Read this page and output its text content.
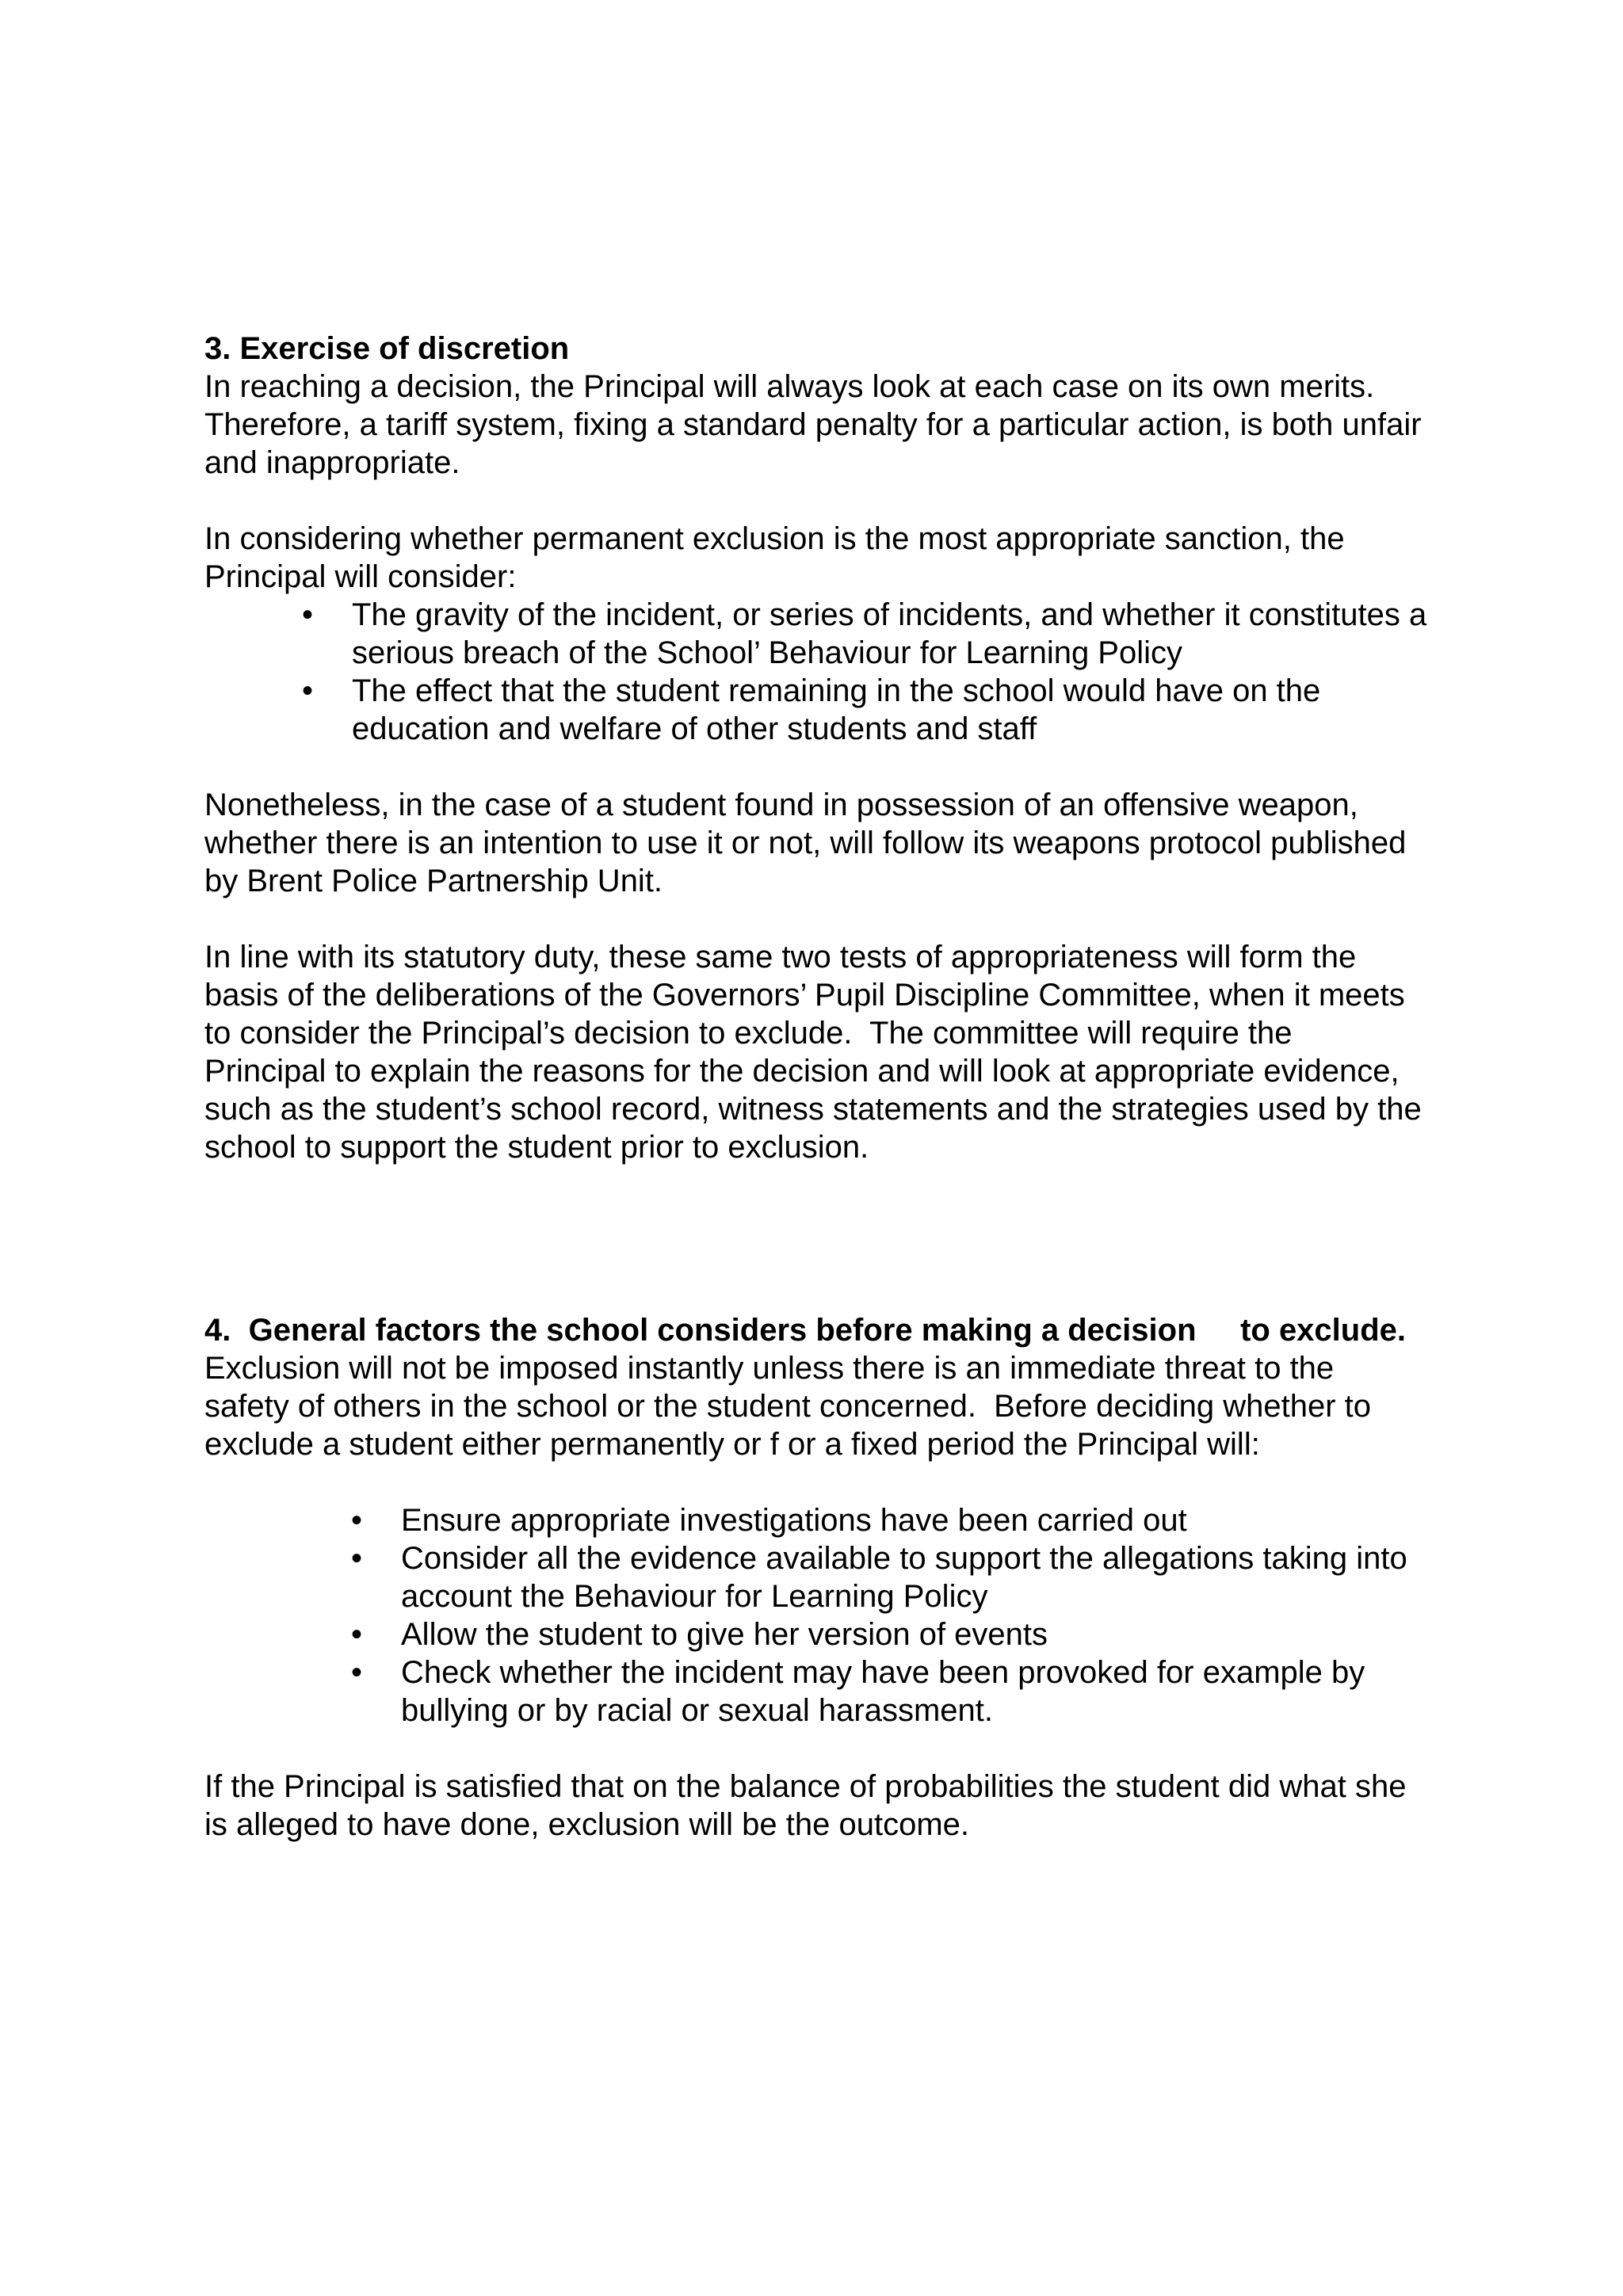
3. Exercise of discretion
In reaching a decision, the Principal will always look at each case on its own merits.
Therefore, a tariff system, fixing a standard penalty for a particular action, is both unfair
and inappropriate.
In considering whether permanent exclusion is the most appropriate sanction, the
Principal will consider:
• The gravity of the incident, or series of incidents, and whether it constitutes a
serious breach of the School’ Behaviour for Learning Policy
• The effect that the student remaining in the school would have on the
education and welfare of other students and staff
Nonetheless, in the case of a student found in possession of an offensive weapon,
whether there is an intention to use it or not, will follow its weapons protocol published
by Brent Police Partnership Unit.
In line with its statutory duty, these same two tests of appropriateness will form the
basis of the deliberations of the Governors’ Pupil Discipline Committee, when it meets
to consider the Principal’s decision to exclude.  The committee will require the
Principal to explain the reasons for the decision and will look at appropriate evidence,
such as the student’s school record, witness statements and the strategies used by the
school to support the student prior to exclusion.
4.  General factors the school considers before making a decision     to exclude.
Exclusion will not be imposed instantly unless there is an immediate threat to the
safety of others in the school or the student concerned.  Before deciding whether to
exclude a student either permanently or f or a fixed period the Principal will:
• Ensure appropriate investigations have been carried out
• Consider all the evidence available to support the allegations taking into
account the Behaviour for Learning Policy
• Allow the student to give her version of events
• Check whether the incident may have been provoked for example by
bullying or by racial or sexual harassment.
If the Principal is satisfied that on the balance of probabilities the student did what she
is alleged to have done, exclusion will be the outcome.
